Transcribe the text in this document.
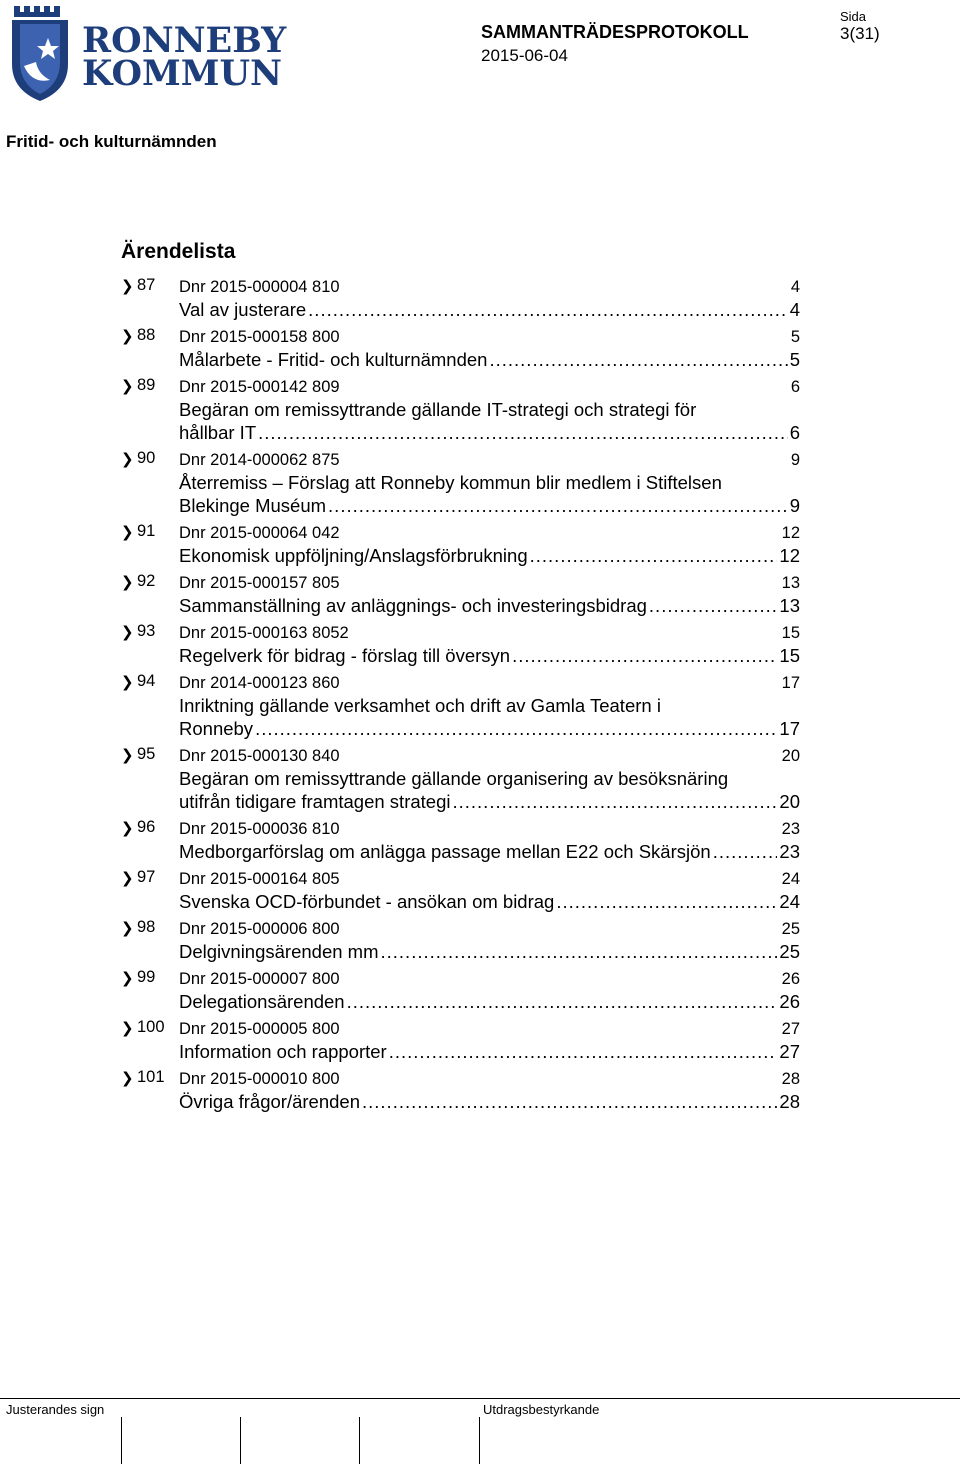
RONNEBY
KOMMUN
SAMMANTRÄDESPROTOKOLL
2015-06-04
Sida
3(31)
Fritid- och kulturnämnden
Ärendelista
❯ 87 Dnr 2015-000004 810	4
Val av justerare .....	4
❯ 88 Dnr 2015-000158 800	5
Målarbete - Fritid- och kulturnämnden .....	5
❯ 89 Dnr 2015-000142 809	6
Begäran om remissyttrande gällande IT-strategi och strategi för
hållbar IT .....	6
❯ 90 Dnr 2014-000062 875	9
Återremiss – Förslag att Ronneby kommun blir medlem i Stiftelsen
Blekinge Muséum .....	9
❯ 91 Dnr 2015-000064 042	12
Ekonomisk uppföljning/Anslagsförbrukning .....	12
❯ 92 Dnr 2015-000157 805	13
Sammanställning av anläggnings- och investeringsbidrag .....	13
❯ 93 Dnr 2015-000163 8052	15
Regelverk för bidrag - förslag till översyn .....	15
❯ 94 Dnr 2014-000123 860	17
Inriktning gällande verksamhet och drift av Gamla Teatern i
Ronneby .....	17
❯ 95 Dnr 2015-000130 840	20
Begäran om remissyttrande gällande organisering av besöksnäring
utifrån tidigare framtagen strategi .....	20
❯ 96 Dnr 2015-000036 810	23
Medborgarförslag om anlägga passage mellan E22 och Skärsjön .....	23
❯ 97 Dnr 2015-000164 805	24
Svenska OCD-förbundet - ansökan om bidrag .....	24
❯ 98 Dnr 2015-000006 800	25
Delgivningsärenden mm .....	25
❯ 99 Dnr 2015-000007 800	26
Delegationsärenden .....	26
❯ 100 Dnr 2015-000005 800	27
Information och rapporter .....	27
❯ 101 Dnr 2015-000010 800	28
Övriga frågor/ärenden .....	28
Justerandes sign	Utdragsbestyrkande
